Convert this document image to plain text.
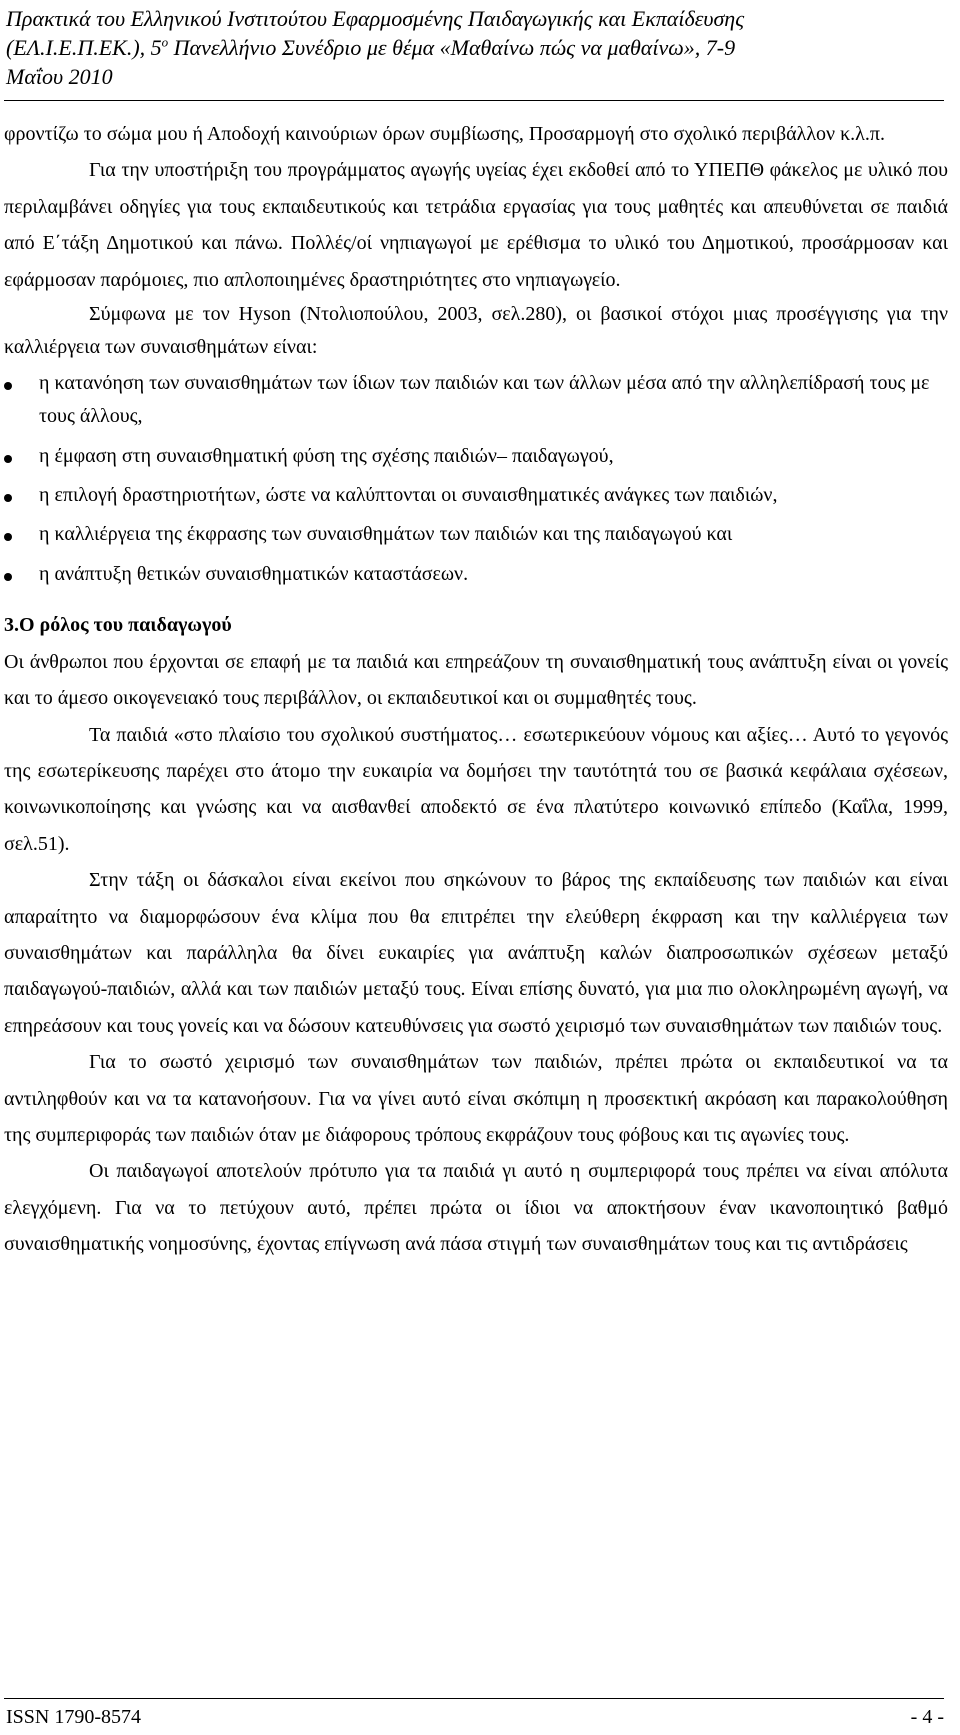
Πρακτικά του Ελληνικού Ινστιτούτου Εφαρμοσμένης Παιδαγωγικής και Εκπαίδευσης
(ΕΛ.Ι.Ε.Π.ΕΚ.), $5^o$ Πανελλήνιο Συνέδριο με θέμα «Μαθαίνω πώς να μαθαίνω», 7-9
Μαΐου 2010

φροντίζω το σώμα μου ή Αποδοχή καινούριων όρων συμβίωσης, Προσαρμογή στο σχολικό περιβάλλον κ.λ.π.

Για την υποστήριξη του προγράμματος αγωγής υγείας έχει εκδοθεί από το ΥΠΕΠΘ φάκελος με υλικό που περιλαμβάνει οδηγίες για τους εκπαιδευτικούς και τετράδια εργασίας για τους μαθητές και απευθύνεται σε παιδιά από Ε΄τάξη Δημοτικού και πάνω. Πολλές/οί νηπιαγωγοί με ερέθισμα το υλικό του Δημοτικού, προσάρμοσαν και εφάρμοσαν παρόμοιες, πιο απλοποιημένες δραστηριότητες στο νηπιαγωγείο.

Σύμφωνα με τον Hyson (Ντολιοπούλου, 2003, σελ.280), οι βασικοί στόχοι μιας προσέγγισης για την καλλιέργεια των συναισθημάτων είναι:

η κατανόηση των συναισθημάτων των ίδιων των παιδιών και των άλλων μέσα από την αλληλεπίδρασή τους με τους άλλους,
η έμφαση στη συναισθηματική φύση της σχέσης παιδιών– παιδαγωγού,
η επιλογή δραστηριοτήτων, ώστε να καλύπτονται οι συναισθηματικές ανάγκες των παιδιών,
η καλλιέργεια της έκφρασης των συναισθημάτων των παιδιών και της παιδαγωγού και
η ανάπτυξη θετικών συναισθηματικών καταστάσεων.
3.Ο ρόλος του παιδαγωγού

Οι άνθρωποι που έρχονται σε επαφή με τα παιδιά και επηρεάζουν τη συναισθηματική τους ανάπτυξη είναι οι γονείς και το άμεσο οικογενειακό τους περιβάλλον, οι εκπαιδευτικοί και οι συμμαθητές τους.

Τα παιδιά «στο πλαίσιο του σχολικού συστήματος… εσωτερικεύουν νόμους και αξίες… Αυτό το γεγονός της εσωτερίκευσης παρέχει στο άτομο την ευκαιρία να δομήσει την ταυτότητά του σε βασικά κεφάλαια σχέσεων, κοινωνικοποίησης και γνώσης και να αισθανθεί αποδεκτό σε ένα πλατύτερο κοινωνικό επίπεδο (Καΐλα, 1999, σελ.51).

Στην τάξη οι δάσκαλοι είναι εκείνοι που σηκώνουν το βάρος της εκπαίδευσης των παιδιών και είναι απαραίτητο να διαμορφώσουν ένα κλίμα που θα επιτρέπει την ελεύθερη έκφραση και την καλλιέργεια των συναισθημάτων και παράλληλα θα δίνει ευκαιρίες για ανάπτυξη καλών διαπροσωπικών σχέσεων μεταξύ παιδαγωγού-παιδιών, αλλά και των παιδιών μεταξύ τους. Είναι επίσης δυνατό, για μια πιο ολοκληρωμένη αγωγή, να επηρεάσουν και τους γονείς και να δώσουν κατευθύνσεις για σωστό χειρισμό των συναισθημάτων των παιδιών τους.

Για το σωστό χειρισμό των συναισθημάτων των παιδιών, πρέπει πρώτα οι εκπαιδευτικοί να τα αντιληφθούν και να τα κατανοήσουν. Για να γίνει αυτό είναι σκόπιμη η προσεκτική ακρόαση και παρακολούθηση της συμπεριφοράς των παιδιών όταν με διάφορους τρόπους εκφράζουν τους φόβους και τις αγωνίες τους.

Οι παιδαγωγοί αποτελούν πρότυπο για τα παιδιά γι αυτό η συμπεριφορά τους πρέπει να είναι απόλυτα ελεγχόμενη. Για να το πετύχουν αυτό, πρέπει πρώτα οι ίδιοι να αποκτήσουν έναν ικανοποιητικό βαθμό συναισθηματικής νοημοσύνης, έχοντας επίγνωση ανά πάσα στιγμή των συναισθημάτων τους και τις αντιδράσεις

ISSN 1790-8574	- 4 -
